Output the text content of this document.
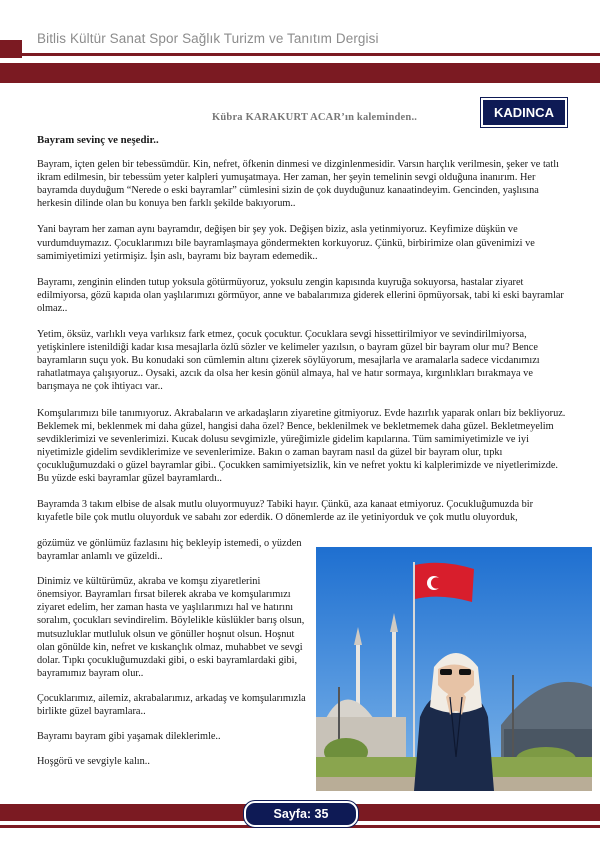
Bitlis Kültür Sanat Spor Sağlık Turizm ve Tanıtım Dergisi
KADINCA
Kübra KARAKURT ACAR’ın kaleminden..
Bayram sevinç ve neşedir..

Bayram, içten gelen bir tebessümdür. Kin, nefret, öfkenin dinmesi ve dizginlenmesidir. Varsın harçlık verilmesin, şeker ve tatlı ikram edilmesin, bir tebessüm yeter kalpleri yumuşatmaya. Her zaman, her şeyin temelinin sevgi olduğuna inanırım. Her bayramda duyduğum “Nerede o eski bayramlar” cümlesini sizin de çok duyduğunuz kanaatindeyim. Gencinden, yaşlısına herkesin dilinde olan bu konuya ben farklı şekilde bakıyorum..

Yani bayram her zaman aynı bayramdır, değişen bir şey yok. Değişen biziz, asla yetinmiyoruz. Keyfimize düşkün ve vurdumduymazız. Çocuklarımızı bile bayramlaşmaya göndermekten korkuyoruz. Çünkü, birbirimize olan güvenimizi ve samimiyetimizi yetirmişiz. İşin aslı, bayramı biz bayram edemedik..

Bayramı, zenginin elinden tutup yoksula götürmüyoruz, yoksulu zengin kapısında kuyruğa sokuyorsa, hastalar ziyaret edilmiyorsa, gözü kapıda olan yaşlılarımızı görmüyor, anne ve babalarımıza giderek ellerini öpmüyorsak, tabi ki eski bayramlar olmaz..

Yetim, öksüz, varlıklı veya varlıksız fark etmez, çocuk çocuktur. Çocuklara sevgi hissettirilmiyor ve sevindirilmiyorsa, yetişkinlere istenildiği kadar kısa mesajlarla özlü sözler ve kelimeler yazılsın, o bayram güzel bir bayram olur mu? Bence bayramların suçu yok. Bu konudaki son cümlemin altını çizerek söylüyorum, mesajlarla ve aramalarla sadece vicdanımızı rahatlatmaya çalışıyoruz.. Oysaki, azcık da olsa her kesin gönül almaya, hal ve hatır sormaya, kırgınlıkları bırakmaya ve barışmaya ne çok ihtiyacı var..

Komşularımızı bile tanımıyoruz. Akrabaların ve arkadaşların ziyaretine gitmiyoruz. Evde hazırlık yaparak onları biz bekliyoruz. Beklemek mi, beklenmek mi daha güzel, hangisi daha özel? Bence, beklenilmek ve bekletmemek daha güzel. Bekletmeyelim sevdiklerimizi ve sevenlerimizi. Kucak dolusu sevgimizle, yüreğimizle gidelim kapılarına. Tüm samimiyetimizle ve iyi niyetimizle gidelim sevdiklerimize ve sevenlerimize. Bakın o zaman bayram nasıl da güzel bir bayram olur, tıpkı çocukluğumuzdaki o güzel bayramlar gibi.. Çocukken samimiyetsizlik, kin ve nefret yoktu ki kalplerimizde ve niyetlerimizde. Bu yüzde eski bayramlar güzel bayramlardı..

Bayramda 3 takım elbise de alsak mutlu oluyormuyuz? Tabiki hayır. Çünkü, aza kanaat etmiyoruz. Çocukluğumuzda bir kıyafetle bile çok mutlu oluyorduk ve sabahı zor ederdik. O dönemlerde az ile yetiniyorduk ve çok mutlu oluyorduk,

gözümüz ve gönlümüz fazlasını hiç bekleyip istemedi, o yüzden bayramlar anlamlı ve güzeldi..

Dinimiz ve kültürümüz, akraba ve komşu ziyaretlerini önemsiyor. Bayramları fırsat bilerek akraba ve komşularımızı ziyaret edelim, her zaman hasta ve yaşlılarımızı hal ve hatırını soralım, çocukları sevindirelim. Böylelikle küslükler barış olsun, mutsuzluklar mutluluk olsun ve gönüller hoşnut olsun. Hoşnut olan gönülde kin, nefret ve kıskançlık olmaz, muhabbet ve sevgi dolar. Tıpkı çocukluğumuzdaki gibi, o eski bayramlardaki gibi, bayramımız bayram olur..

Çocuklarımız, ailemiz, akrabalarımız, arkadaş ve komşularımızla birlikte güzel bayramlara..

Bayramı bayram gibi yaşamak dileklerimle..

Hoşgörü ve sevgiyle kalın..

Sayfa: 35
